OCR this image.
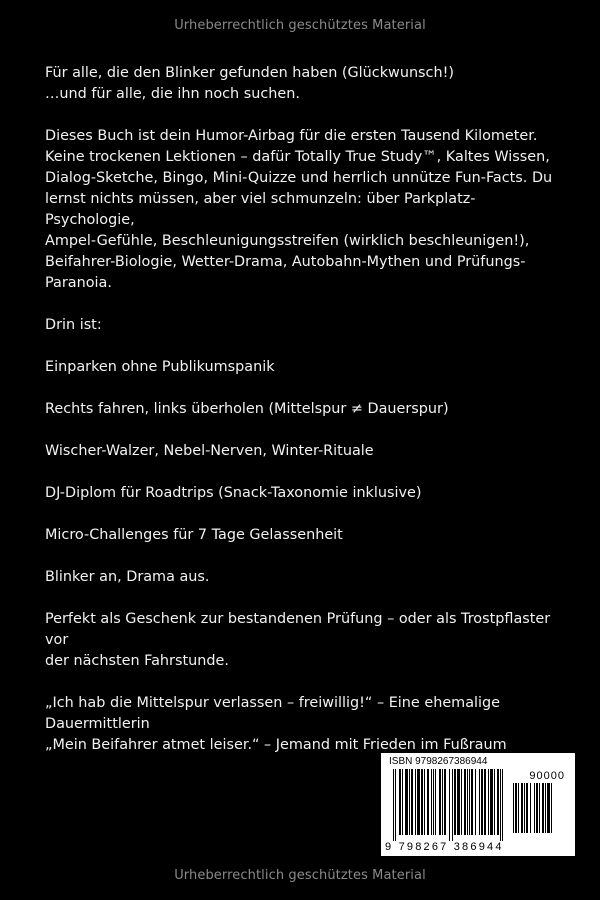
Urheberrechtlich geschütztes Material

Für alle, die den Blinker gefunden haben (Glückwunsch!)

…und für alle, die ihn noch suchen.

Dieses Buch ist dein Humor-Airbag für die ersten Tausend Kilometer.

Keine trockenen Lektionen – dafür Totally True Study™, Kaltes Wissen,

Dialog-Sketche, Bingo, Mini-Quizze und herrlich unnütze Fun-Facts. Du

lernst nichts müssen, aber viel schmunzeln: über Parkplatz-Psychologie,

Ampel-Gefühle, Beschleunigungsstreifen (wirklich beschleunigen!),

Beifahrer-Biologie, Wetter-Drama, Autobahn-Mythen und Prüfungs-

Paranoia.

Drin ist:

Einparken ohne Publikumspanik

Rechts fahren, links überholen (Mittelspur ≠ Dauerspur)

Wischer-Walzer, Nebel-Nerven, Winter-Rituale

DJ-Diplom für Roadtrips (Snack-Taxonomie inklusive)

Micro-Challenges für 7 Tage Gelassenheit

Blinker an, Drama aus.

Perfekt als Geschenk zur bestandenen Prüfung – oder als Trostpflaster vor

der nächsten Fahrstunde.

„Ich hab die Mittelspur verlassen – freiwillig!“ – Eine ehemalige

Dauermittlerin

„Mein Beifahrer atmet leiser.“ – Jemand mit Frieden im Fußraum

ISBN 9798267386944
90000
9 798267 386944
Urheberrechtlich geschütztes Material
